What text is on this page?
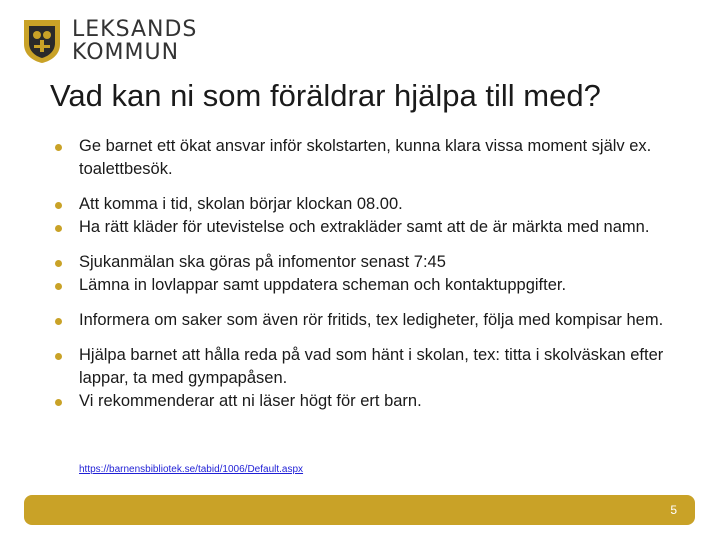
LEKSANDS
KOMMUN
Vad kan ni som föräldrar hjälpa till med?
Ge barnet ett ökat ansvar inför skolstarten, kunna klara vissa moment själv ex. toalettbesök.
Att komma i tid, skolan börjar klockan 08.00.
Ha rätt kläder för utevistelse och extrakläder samt att de är märkta med namn.
Sjukanmälan ska göras på infomentor senast 7:45
Lämna in lovlappar samt uppdatera scheman och kontaktuppgifter.
Informera om saker som även rör fritids, tex ledigheter, följa med kompisar hem.
Hjälpa barnet att hålla reda på vad som hänt i skolan, tex: titta i skolväskan efter lappar, ta med gympapåsen.
Vi rekommenderar att ni läser högt för ert barn.
https://barnensbibliotek.se/tabid/1006/Default.aspx
5
